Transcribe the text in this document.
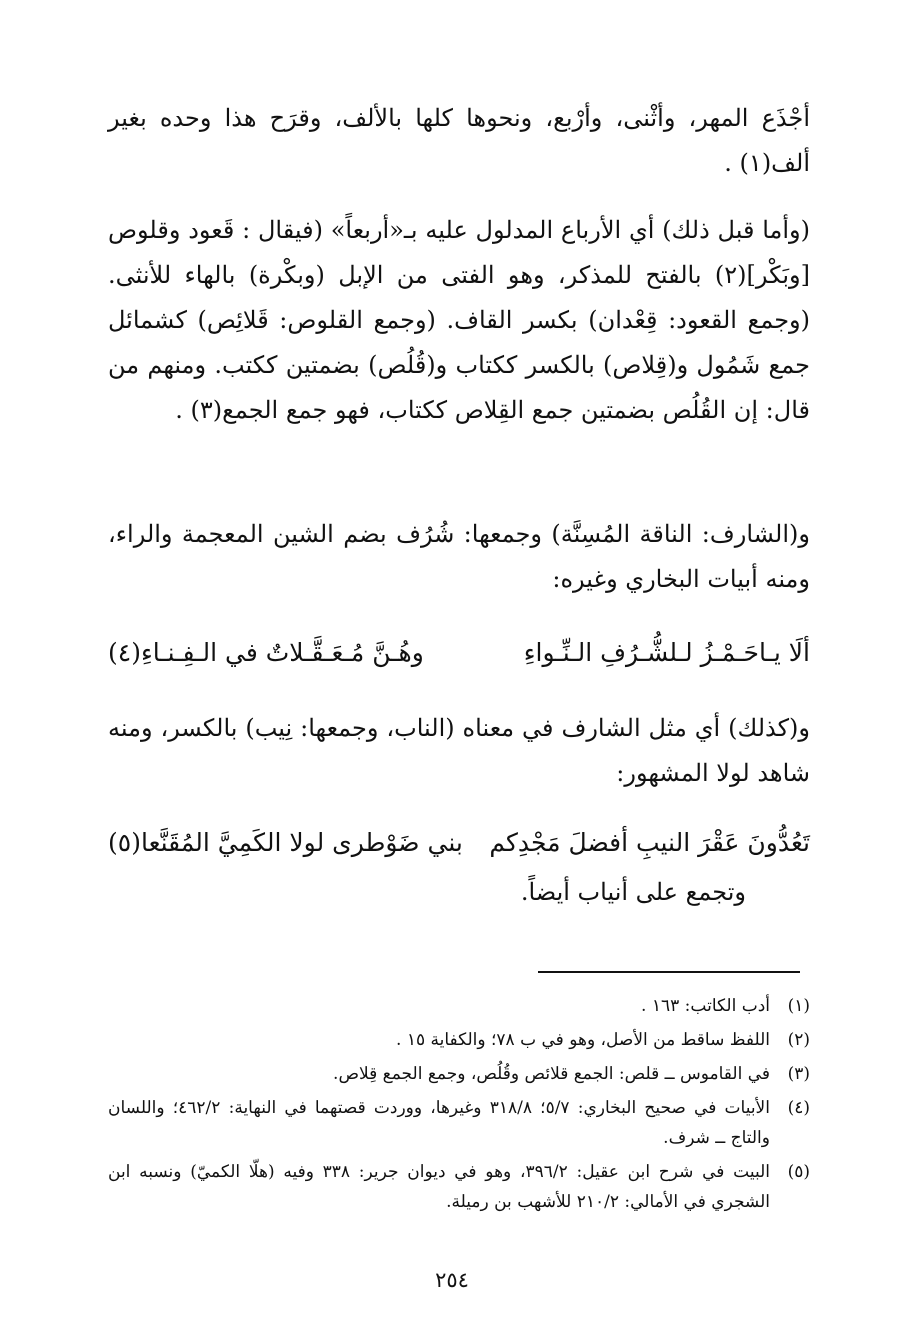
أجْذَع المهر، وأثْنى، وأرْبع، ونحوها كلها بالألف، وقرَح هذا وحده بغير ألف(١) .
(وأما قبل ذلك) أي الأرباع المدلول عليه بـ«أربعاً» (فيقال : قَعود وقلوص [وبَكْر](٢) بالفتح للمذكر، وهو الفتى من الإبل (وبكْرة) بالهاء للأنثى. (وجمع القعود: قِعْدان) بكسر القاف. (وجمع القلوص: قَلائِص) كشمائل جمع شَمُول و(قِلاص) بالكسر ككتاب و(قُلُص) بضمتين ككتب. ومنهم من قال: إن القُلُص بضمتين جمع القِلاص ككتاب، فهو جمع الجمع(٣) .
و(الشارف: الناقة المُسِنَّة) وجمعها: شُرُف بضم الشين المعجمة والراء، ومنه أبيات البخاري وغيره:
ألَا يـاحَـمْـزُ لـلشُّـرُفِ الـنِّـواءِ
وهُـنَّ مُـعَـقَّـلاتٌ في الـفِـنـاءِ(٤)
و(كذلك) أي مثل الشارف في معناه (الناب، وجمعها: نِيب) بالكسر، ومنه شاهد لولا المشهور:
تَعُدُّونَ عَقْرَ النيبِ أفضلَ مَجْدِكم
بني ضَوْطرى لولا الكَمِيَّ المُقَنَّعا(٥)
وتجمع على أنياب أيضاً.
(١)
أدب الكاتب: ١٦٣ .
(٢)
اللفظ ساقط من الأصل، وهو في ب ٧٨؛ والكفاية ١٥ .
(٣)
في القاموس ــ قلص: الجمع قلائص وقُلُص، وجمع الجمع قِلاص.
(٤)
الأبيات في صحيح البخاري: ٥/٧؛ ٣١٨/٨ وغيرها، ووردت قصتهما في النهاية: ٤٦٢/٢؛ واللسان والتاج ــ شرف.
(٥)
البيت في شرح ابن عقيل: ٣٩٦/٢، وهو في ديوان جرير: ٣٣٨ وفيه (هلّا الكميّ) ونسبه ابن الشجري في الأمالي: ٢١٠/٢ للأشهب بن رميلة.
٢٥٤
